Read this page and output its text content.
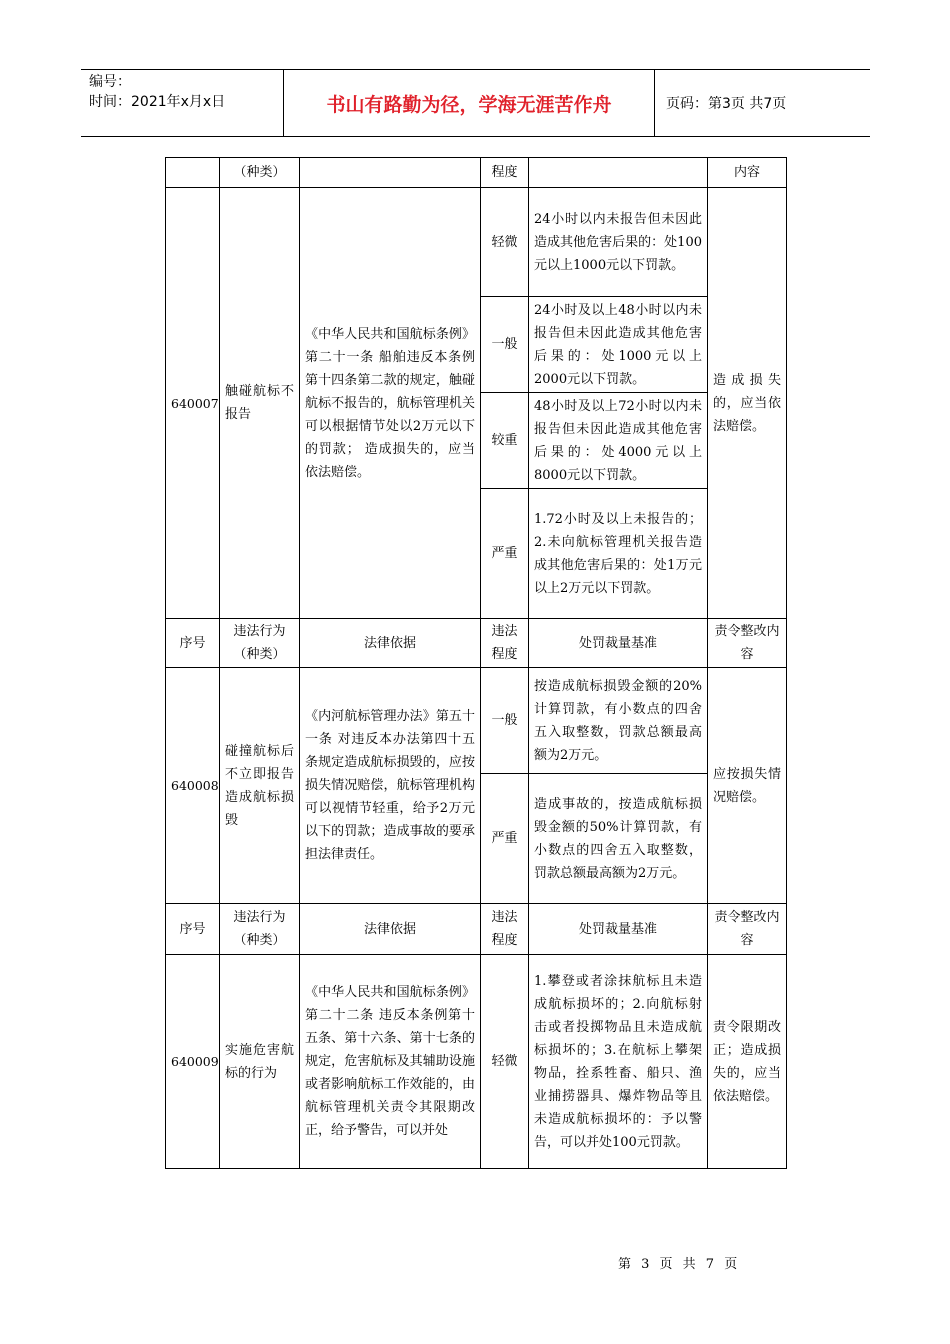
编号：
时间：2021年x月x日	书山有路勤为径，学海无涯苦作舟	页码：第3页 共7页
	（种类）		程度		内容
640007	触碰航标不报告	《中华人民共和国航标条例》第二十一条 船舶违反本条例第十四条第二款的规定，触碰航标不报告的，航标管理机关可以根据情节处以2万元以下的罚款； 造成损失的，应当依法赔偿。	轻微	24小时以内未报告但未因此造成其他危害后果的：处100元以上1000元以下罚款。	造成损失的，应当依法赔偿。
			一般	24小时及以上48小时以内未报告但未因此造成其他危害后果的：处1000元以上2000元以下罚款。	
			较重	48小时及以上72小时以内未报告但未因此造成其他危害后果的：处4000元以上8000元以下罚款。	
			严重	1.72小时及以上未报告的；2.未向航标管理机关报告造成其他危害后果的：处1万元以上2万元以下罚款。	
序号	违法行为（种类）	法律依据	违法程度	处罚裁量基准	责令整改内容
640008	碰撞航标后不立即报告造成航标损毁	《内河航标管理办法》第五十一条 对违反本办法第四十五条规定造成航标损毁的，应按损失情况赔偿，航标管理机构可以视情节轻重，给予2万元以下的罚款；造成事故的要承担法律责任。	一般	按造成航标损毁金额的20%计算罚款，有小数点的四舍五入取整数，罚款总额最高额为2万元。	应按损失情况赔偿。
			严重	造成事故的，按造成航标损毁金额的50%计算罚款，有小数点的四舍五入取整数，罚款总额最高额为2万元。	
序号	违法行为（种类）	法律依据	违法程度	处罚裁量基准	责令整改内容
640009	实施危害航标的行为	《中华人民共和国航标条例》第二十二条 违反本条例第十五条、第十六条、第十七条的规定，危害航标及其辅助设施或者影响航标工作效能的，由航标管理机关责令其限期改正，给予警告，可以并处	轻微	1.攀登或者涂抹航标且未造成航标损坏的；2.向航标射击或者投掷物品且未造成航标损坏的；3.在航标上攀架物品，拴系牲畜、船只、渔业捕捞器具、爆炸物品等且未造成航标损坏的：予以警告，可以并处100元罚款。	责令限期改正；造成损失的，应当依法赔偿。
第 3 页 共 7 页
